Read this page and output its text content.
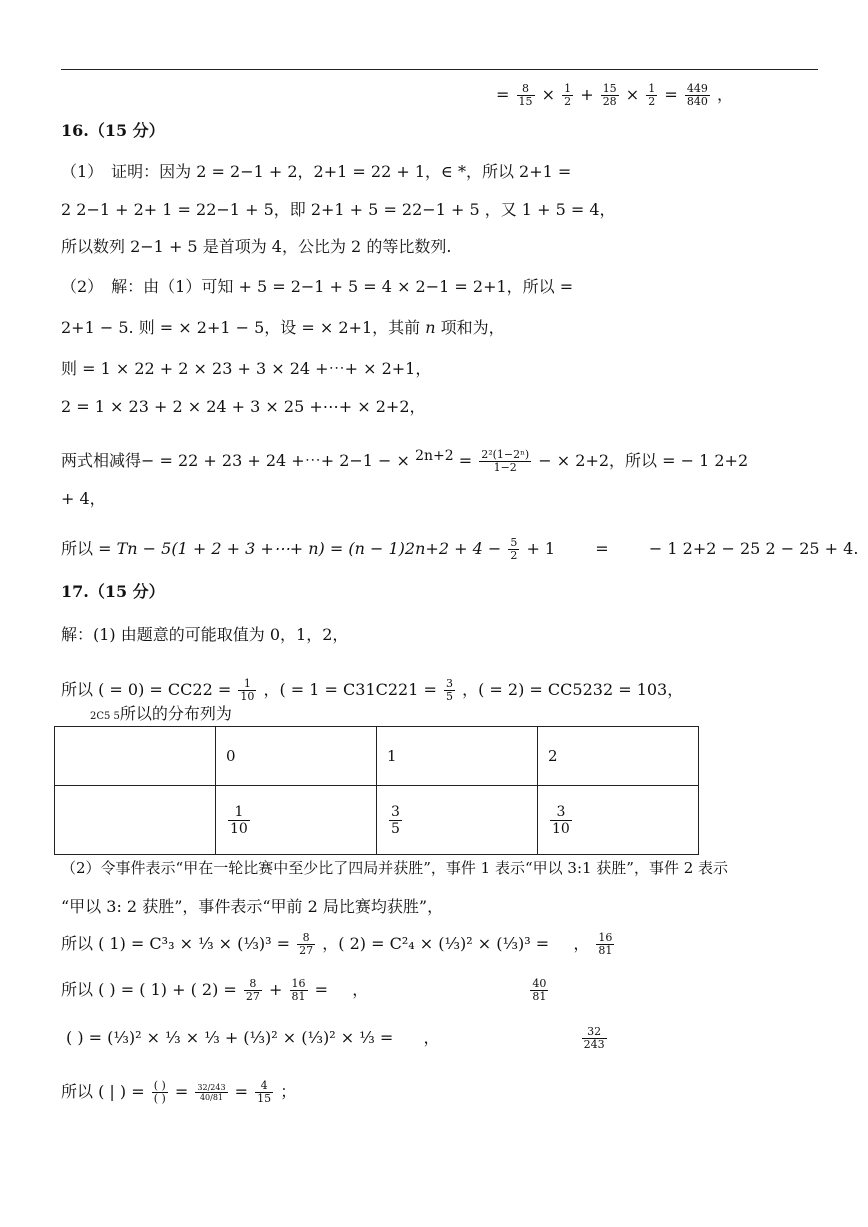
= $\frac{8}{15} \times \frac{1}{2} + \frac{15}{28} \times \frac{1}{2} = \frac{449}{840}$ ，
16.（15 分）
（1）　证明：因为 2 = 2−1 + 2，2+1 = 22 + 1，∈ *，所以 2+1 =
2 2−1 + 2+ 1 = 22−1 + 5，即 2+1 + 5 = 22−1 + 5 ，又 1 + 5 = 4，
所以数列 2−1 + 5 是首项为 4，公比为 2 的等比数列.
（2）　解：由（1）可知 + 5 = 2−1 + 5 = 4 × 2−1 = 2+1，所以 =
2+1 − 5. 则 = × 2+1 − 5，设 = × 2+1，其前 n 项和为，
则 = 1 × 22 + 2 × 23 + 3 × 24 +⋯+ × 2+1，
2 = 1 × 23 + 2 × 24 + 3 × 25 +⋯+ × 2+2，
两式相减得− = 22 + 23 + 24 +⋯+ 2−1 − × $2n+2 = \frac{\text{2²(1−2ⁿ)}}{1-2}$ − × 2+2，所以 = − 1 2+2
+ 4，
所以 = Tn − 5(1 + 2 + 3 +⋯+ $n) = (n - 1)2n+2 + 4 - \frac{5}{2} + 1$	=	− 1 2+2 − 25 2 − 25 + 4.
17.（15 分）
解：(1) 由题意的可能取值为 0，1，2，
所以 ( = $0) = CC22 = \frac{1}{10}$ ，( = $1 = C31C221 = \frac{3}{5}$ ，( = 2) = CC5232 = 103，
2C5 5所以的分布列为
	0	1	2

	$\frac{1}{10}$	$\frac{3}{5}$	$\frac{3}{10}$
（2）令事件表示“甲在一轮比赛中至少比了四局并获胜”，事件 1 表示“甲以 3:1 获胜”，事件 2 表示
“甲以 3: 2 获胜”，事件表示“甲前 2 局比赛均获胜”，
所以 ( 1) = C³₃ × ⅓ × (⅓)³ = $\frac{8}{27}$ ，( 2) = C²₄ × (⅓)² × (⅓)³ = ， $\frac{16}{81}$
所以 ( ) = ( 1) + ( $2) = \frac{8}{27} + \frac{16}{81}$ = ，	$\frac{40}{81}$
( ) = (⅓)² × ⅓ × ⅓ + (⅓)² × (⅓)² × ⅓ = ，	$\frac{32}{243}$
所以 ( | ) = $\frac{( )}{( )} = \frac{32/243}{40/81} = \frac{4}{15}$ ；
